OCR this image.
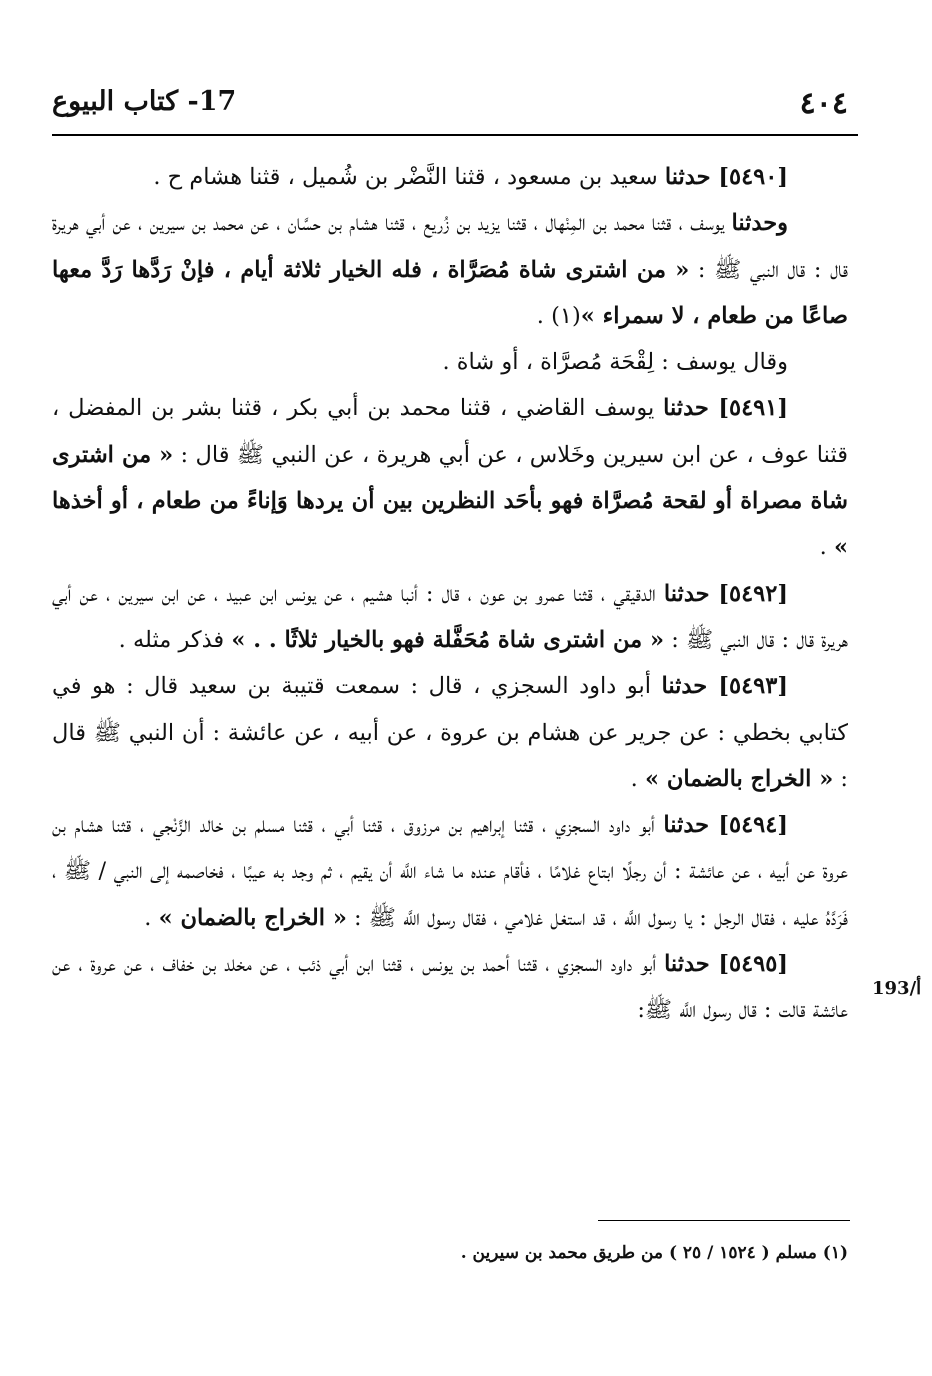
٤٠٤
17- كتاب البيوع

[٥٤٩٠] حدثنا سعيد بن مسعود ، قثنا النَّضْر بن شُميل ، قثنا هشام ح .

وحدثنا يوسف ، قثنا محمد بن المِنْهال ، قثنا يزيد بن زُريع ، قثنا هشام بن حسَّان ، عن محمد بن سيرين ، عن أبي هريرة قال : قال النبي ﷺ : « من اشترى شاة مُصَرَّاة ، فله الخيار ثلاثة أيام ، فإنْ رَدَّها رَدَّ معها صاعًا من طعام ، لا سمراء »(١) .

وقال يوسف : لِقْحَة مُصرَّاة ، أو شاة .

[٥٤٩١] حدثنا يوسف القاضي ، قثنا محمد بن أبي بكر ، قثنا بشر بن المفضل ، قثنا عوف ، عن ابن سيرين وخَلاس ، عن أبي هريرة ، عن النبي ﷺ قال : « من اشترى شاة مصراة أو لقحة مُصرَّاة فهو بأحَد النظرين بين أن يردها وَإناءً من طعام ، أو أخذها » .

[٥٤٩٢] حدثنا الدقيقي ، قثنا عمرو بن عون ، قال : أنبا هشيم ، عن يونس ابن عبيد ، عن ابن سيرين ، عن أبي هريرة قال : قال النبي ﷺ : « من اشترى شاة مُحَفَّلة فهو بالخيار ثلاثًا . . » فذكر مثله .

[٥٤٩٣] حدثنا أبو داود السجزي ، قال : سمعت قتيبة بن سعيد قال : هو في كتابي بخطي : عن جرير عن هشام بن عروة ، عن أبيه ، عن عائشة : أن النبي ﷺ قال : « الخراج بالضمان » .

[٥٤٩٤] حدثنا أبو داود السجزي ، قثنا إبراهيم بن مرزوق ، قثنا أبي ، قثنا مسلم بن خالد الزَّنْجي ، قثنا هشام بن عروة عن أبيه ، عن عائشة : أن رجلًا ابتاع غلامًا ، فأقام عنده ما شاء اللَّه أن يقيم ، ثم وجد به عيبًا ، فخاصمه إلى النبي / ﷺ ، فَرَدَّهُ عليه ، فقال الرجل : يا رسول اللَّه ، قد استغل غلامي ، فقال رسول اللَّه ﷺ : « الخراج بالضمان » .

[٥٤٩٥] حدثنا أبو داود السجزي ، قثنا أحمد بن يونس ، قثنا ابن أبي ذئب ، عن مخلد بن خفاف ، عن عروة ، عن عائشة قالت : قال رسول اللَّه ﷺ:

193/أ
(١) مسلم ( ١٥٢٤ / ٢٥ ) من طريق محمد بن سيرين .
